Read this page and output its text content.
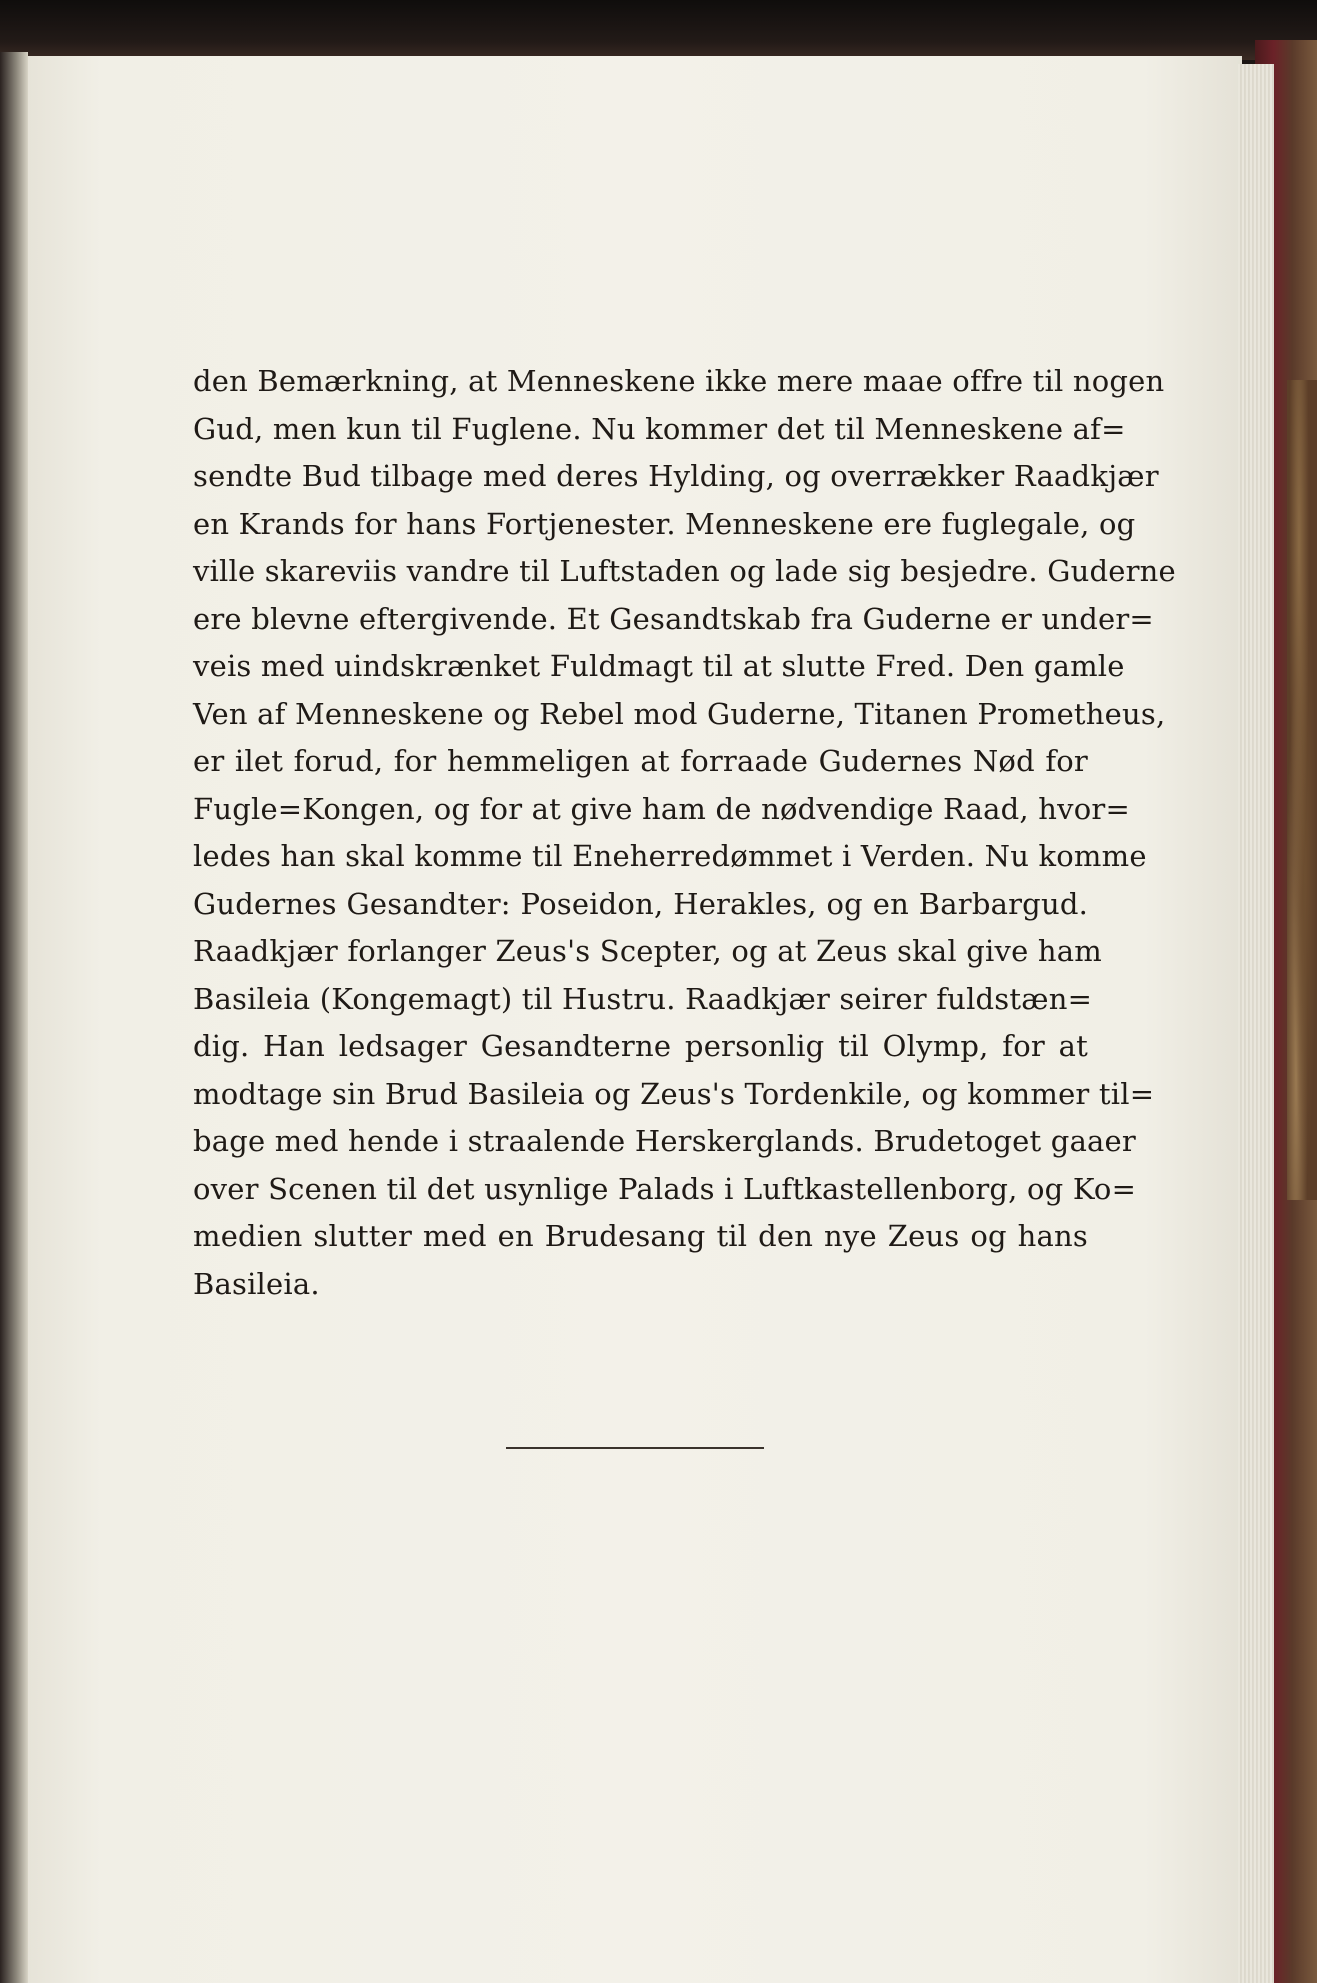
den Bemærkning, at Menneskene ikke mere maae offre til nogen
Gud, men kun til Fuglene. Nu kommer det til Menneskene af=
sendte Bud tilbage med deres Hylding, og overrækker Raadkjær
en Krands for hans Fortjenester. Menneskene ere fuglegale, og
ville skareviis vandre til Luftstaden og lade sig besjedre. Guderne
ere blevne eftergivende. Et Gesandtskab fra Guderne er under=
veis med uindskrænket Fuldmagt til at slutte Fred. Den gamle
Ven af Menneskene og Rebel mod Guderne, Titanen Prometheus,
er ilet forud, for hemmeligen at forraade Gudernes Nød for
Fugle=Kongen, og for at give ham de nødvendige Raad, hvor=
ledes han skal komme til Eneherredømmet i Verden. Nu komme
Gudernes Gesandter: Poseidon, Herakles, og en Barbargud.
Raadkjær forlanger Zeus's Scepter, og at Zeus skal give ham
Basileia (Kongemagt) til Hustru. Raadkjær seirer fuldstæn=
dig. Han ledsager Gesandterne personlig til Olymp, for at
modtage sin Brud Basileia og Zeus's Tordenkile, og kommer til=
bage med hende i straalende Herskerglands. Brudetoget gaaer
over Scenen til det usynlige Palads i Luftkastellenborg, og Ko=
medien slutter med en Brudesang til den nye Zeus og hans
Basileia.
